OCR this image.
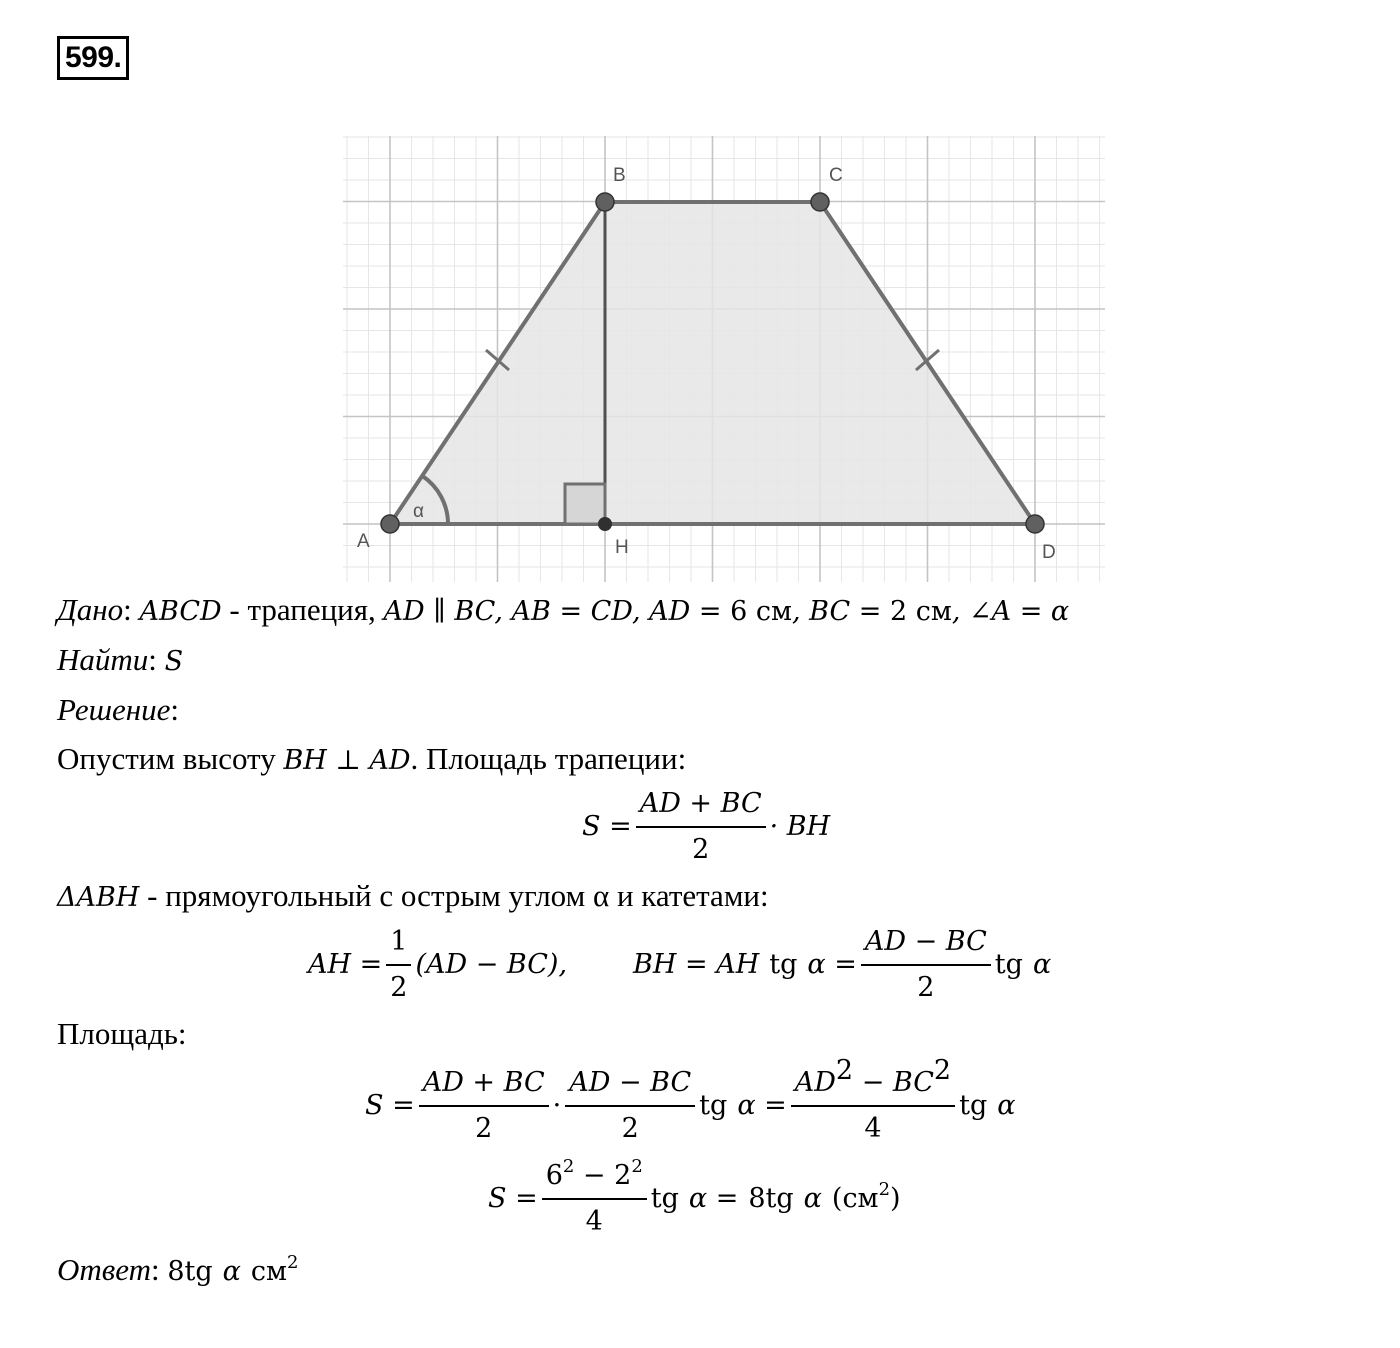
599.
A
B	C
D
H
α
Дано: ABCD - трапеция, AD ∥ BC, AB = CD, AD = 6 см, BC = 2 см, ∠A = α
Найти: S
Решение:
Опустим высоту BH ⊥ AD. Площадь трапеции:
$S = \frac{AD + BC}{2}$ · BH
ΔABH - прямоугольный с острым углом α и катетами:
AH = $\frac{1}{2} (AD - BC)$, BH = AH tg $\alpha = \frac{AD - BC}{2}$ tg α
Площадь:
$S = \frac{AD + BC}{2} \cdot \frac{AD - BC}{2}$ tg $\alpha = \frac{AD^2 - BC^2}{4}$ tg α
$S = \frac{6^2 - 2^2}{4}$ tg α = 8tg α $(см^2)$
Ответ: 8tg α $см^2$
